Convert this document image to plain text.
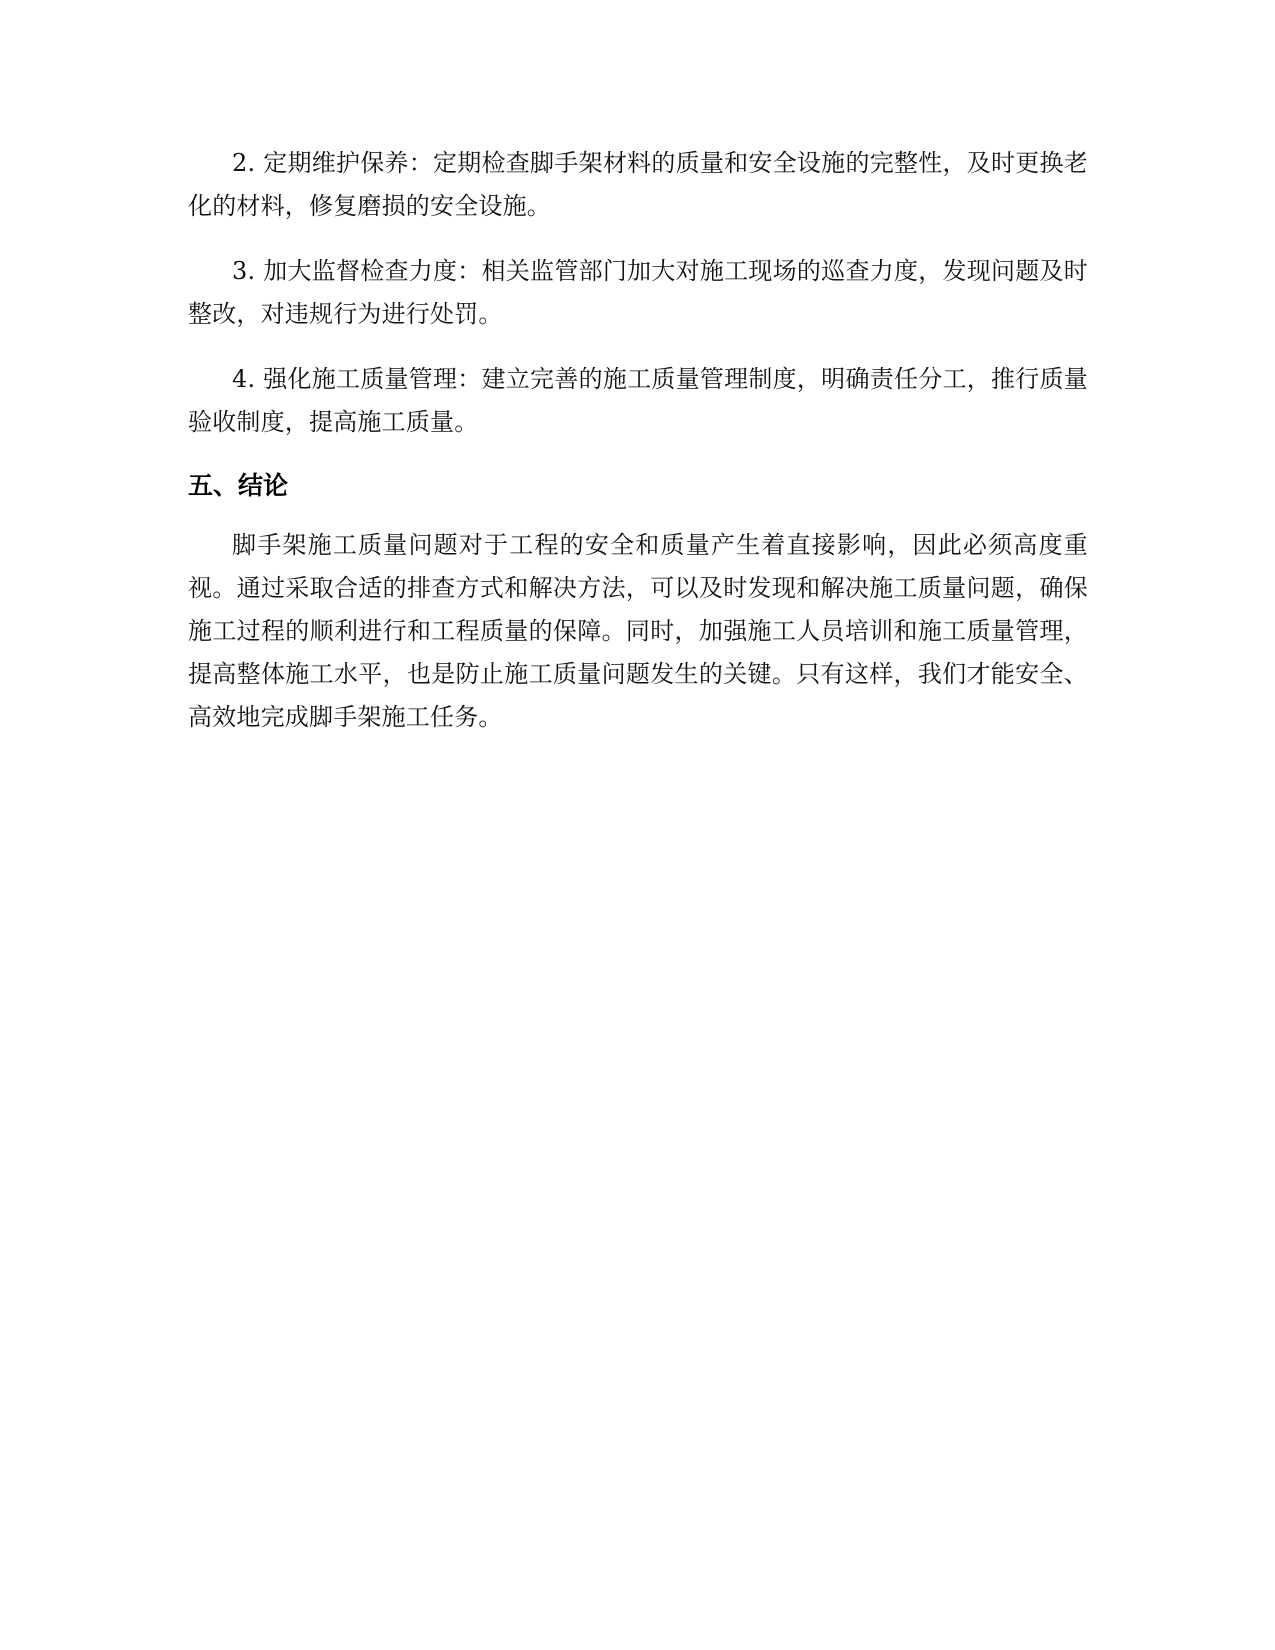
2. 定期维护保养：定期检查脚手架材料的质量和安全设施的完整性，及时更换老化的材料，修复磨损的安全设施。

3. 加大监督检查力度：相关监管部门加大对施工现场的巡查力度，发现问题及时整改，对违规行为进行处罚。

4. 强化施工质量管理：建立完善的施工质量管理制度，明确责任分工，推行质量验收制度，提高施工质量。

五、结论

脚手架施工质量问题对于工程的安全和质量产生着直接影响，因此必须高度重视。通过采取合适的排查方式和解决方法，可以及时发现和解决施工质量问题，确保施工过程的顺利进行和工程质量的保障。同时，加强施工人员培训和施工质量管理，提高整体施工水平，也是防止施工质量问题发生的关键。只有这样，我们才能安全、高效地完成脚手架施工任务。
